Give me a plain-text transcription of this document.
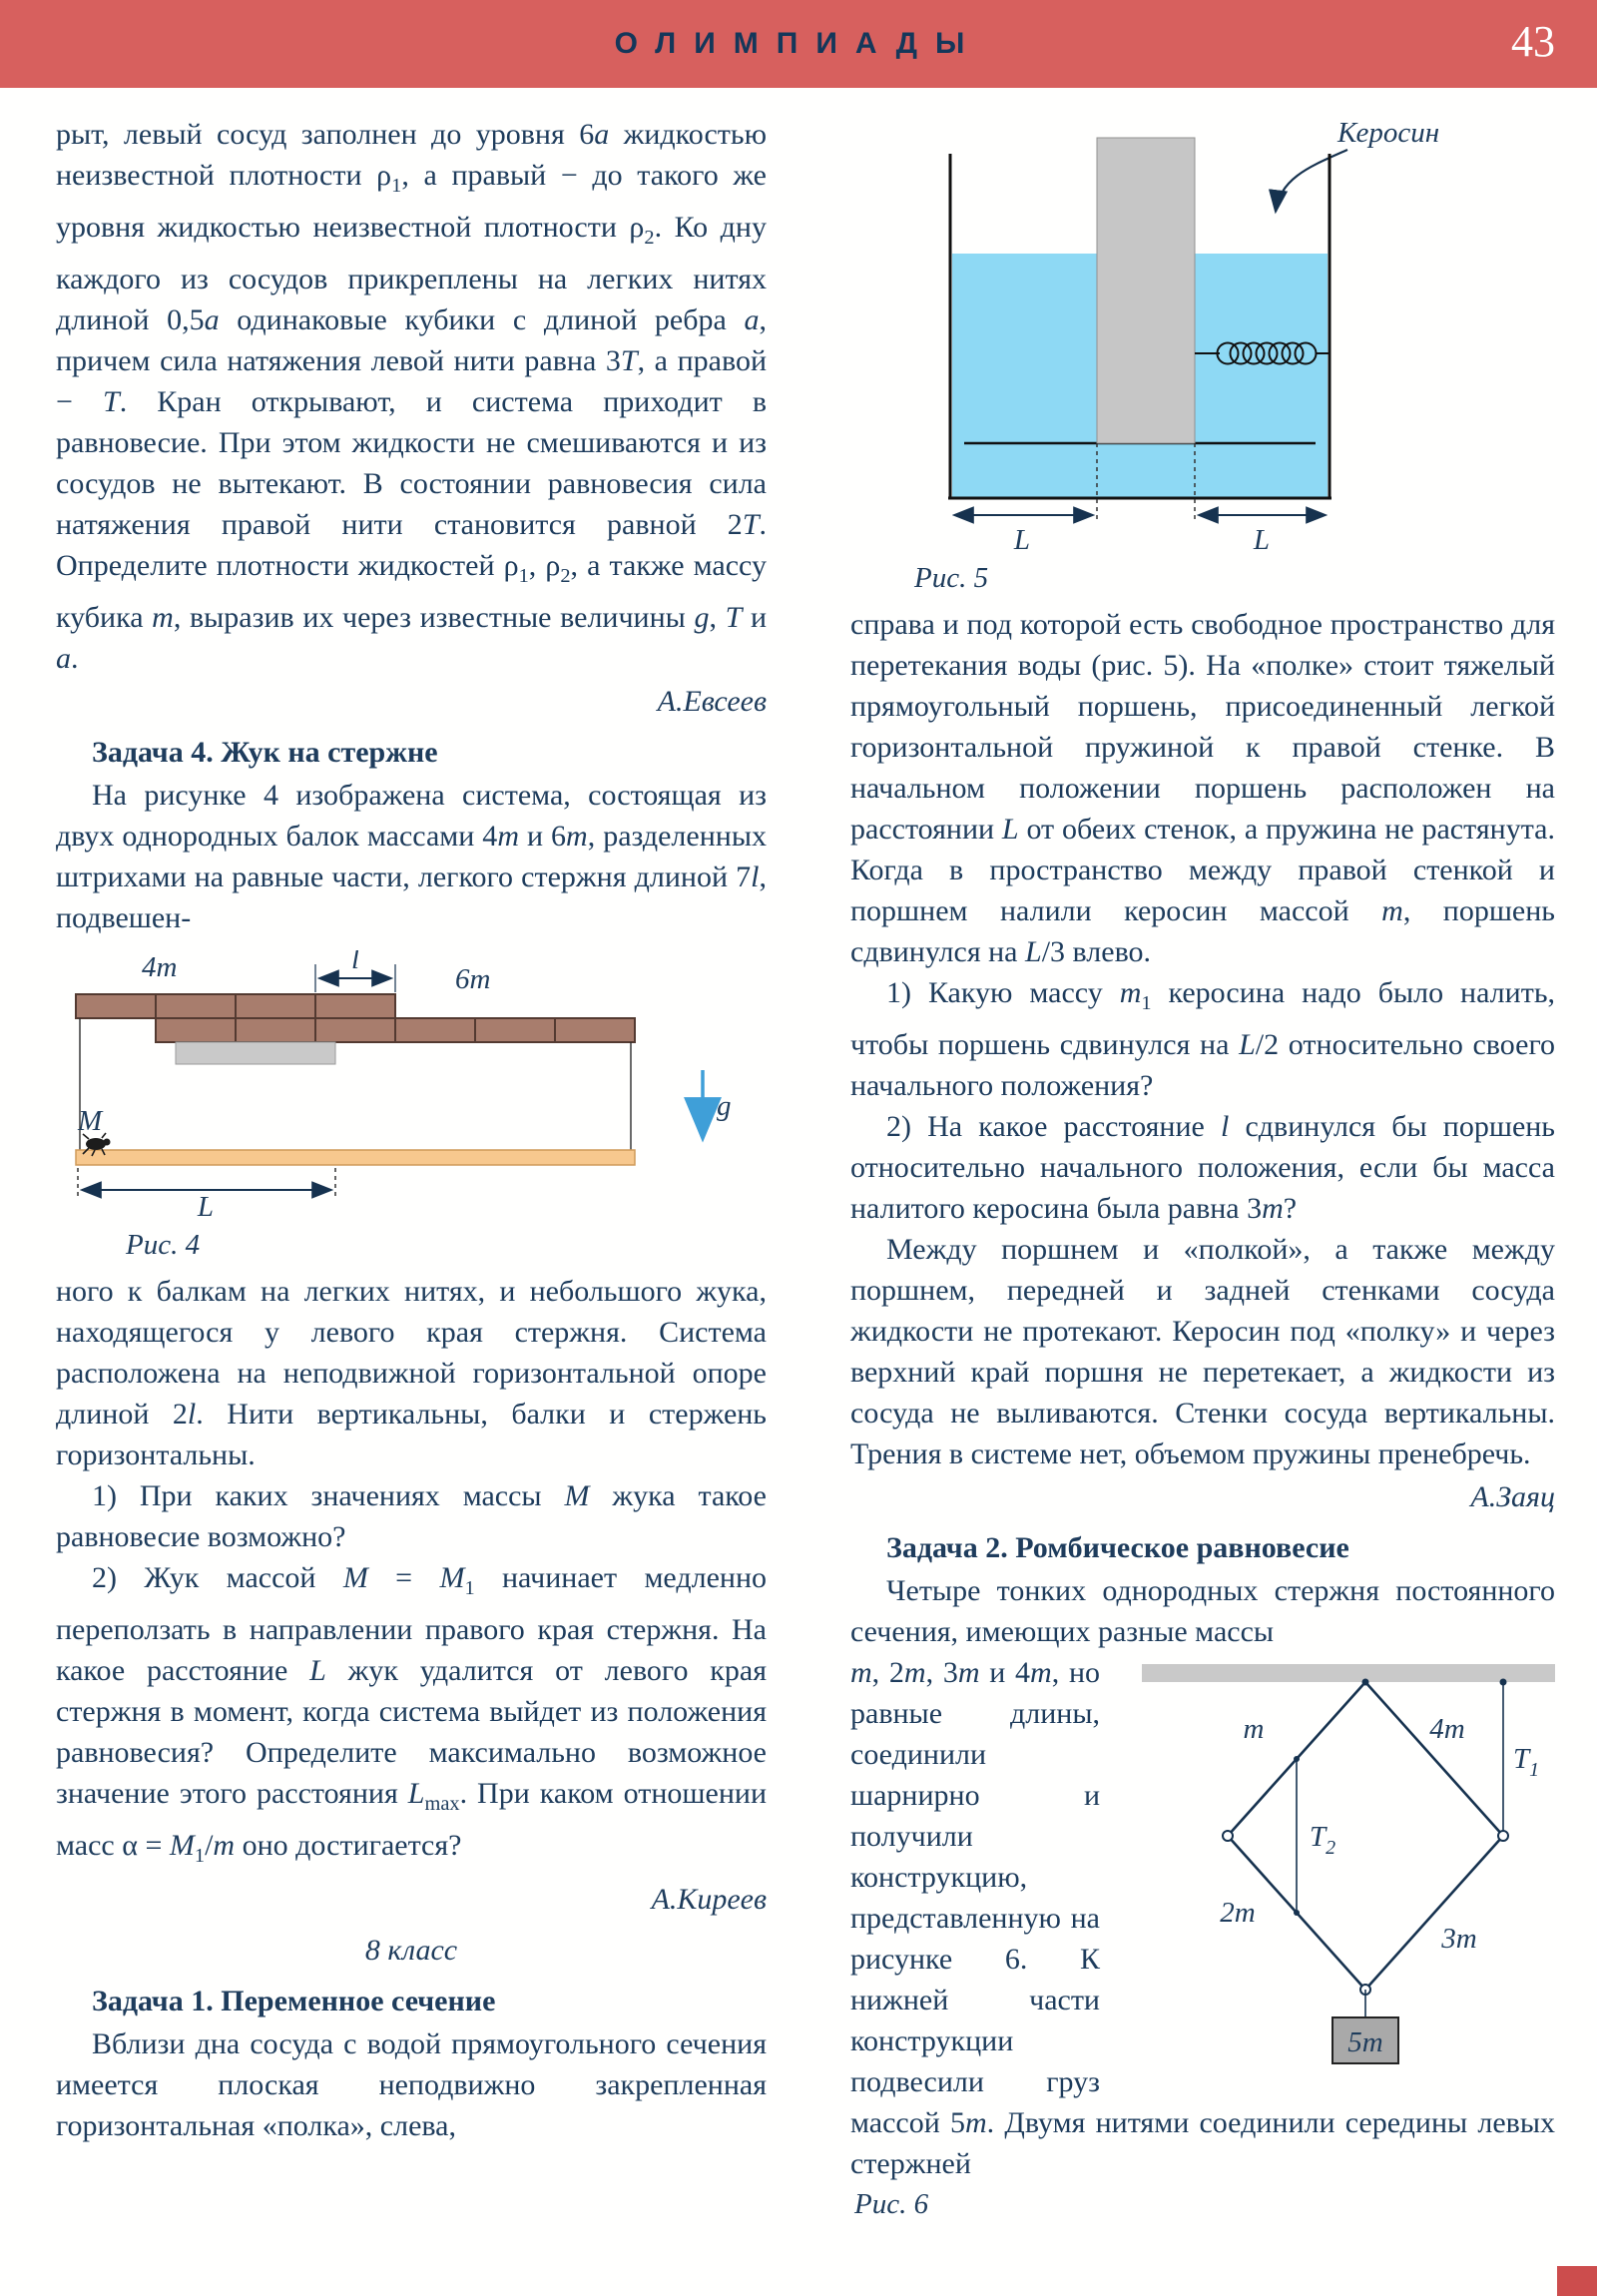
ОЛИМПИАДЫ	43

рыт, левый сосуд заполнен до уровня 6a жидкостью неизвестной плотности $\rho_1$, а правый − до такого же уровня жидкостью неизвестной плотности $\rho_2$. Ко дну каждого из сосудов прикреплены на легких нитях длиной 0,5a одинаковые кубики с длиной ребра a, причем сила натяжения левой нити равна 3T, а правой − T. Кран открывают, и система приходит в равновесие. При этом жидкости не смешиваются и из сосудов не вытекают. В состоянии равновесия сила натяжения правой нити становится равной 2T. Определите плотности жидкостей $\rho_1$, $\rho_2$, а также массу кубика m, выразив их через известные величины g, T и a.

А.Евсеев

Задача 4. Жук на стержне

На рисунке 4 изображена система, состоящая из двух однородных балок массами 4m и 6m, разделенных штрихами на равные части, легкого стержня длиной 7l, подвешен-

4m	l
6m
M	g
L
Рис. 4

ного к балкам на легких нитях, и небольшого жука, находящегося у левого края стержня. Система расположена на неподвижной горизонтальной опоре длиной 2l. Нити вертикальны, балки и стержень горизонтальны.

1) При каких значениях массы M жука такое равновесие возможно?

2) Жук массой $M = M_1$ начинает медленно переползать в направлении правого края стержня. На какое расстояние L жук удалится от левого края стержня в момент, когда система выйдет из положения равновесия? Определите максимально возможное значение этого расстояния $L_{max}$. При каком отношении масс $\alpha = M_1/m$ оно достигается?

А.Киреев

8 класс

Задача 1. Переменное сечение

Вблизи дна сосуда с водой прямоугольного сечения имеется плоская неподвижно закрепленная горизонтальная «полка», слева,

Керосин
L	L
Рис. 5

справа и под которой есть свободное пространство для перетекания воды (рис. 5). На «полке» стоит тяжелый прямоугольный поршень, присоединенный легкой горизонтальной пружиной к правой стенке. В начальном положении поршень расположен на расстоянии L от обеих стенок, а пружина не растянута. Когда в пространство между правой стенкой и поршнем налили керосин массой m, поршень сдвинулся на L/3 влево.

1) Какую массу $m_1$ керосина надо было налить, чтобы поршень сдвинулся на L/2 относительно своего начального положения?

2) На какое расстояние l сдвинулся бы поршень относительно начального положения, если бы масса налитого керосина была равна 3m?

Между поршнем и «полкой», а также между поршнем, передней и задней стенками сосуда жидкости не протекают. Керосин под «полку» и через верхний край поршня не перетекает, а жидкости из сосуда не выливаются. Стенки сосуда вертикальны. Трения в системе нет, объемом пружины пренебречь.

А.Заяц

Задача 2. Ромбическое равновесие

Четыре тонких однородных стержня постоянного сечения, имеющих разные массы

m	4m
2m
3m
$T_1$
$T_2$
5m

m, 2m, 3m и 4m, но равные длины, соединили шарнирно и получили конструкцию, представленную на рисунке 6. К нижней части конструкции подвесили груз массой 5m. Двумя нитями соединили середины левых стержней

Рис. 6
